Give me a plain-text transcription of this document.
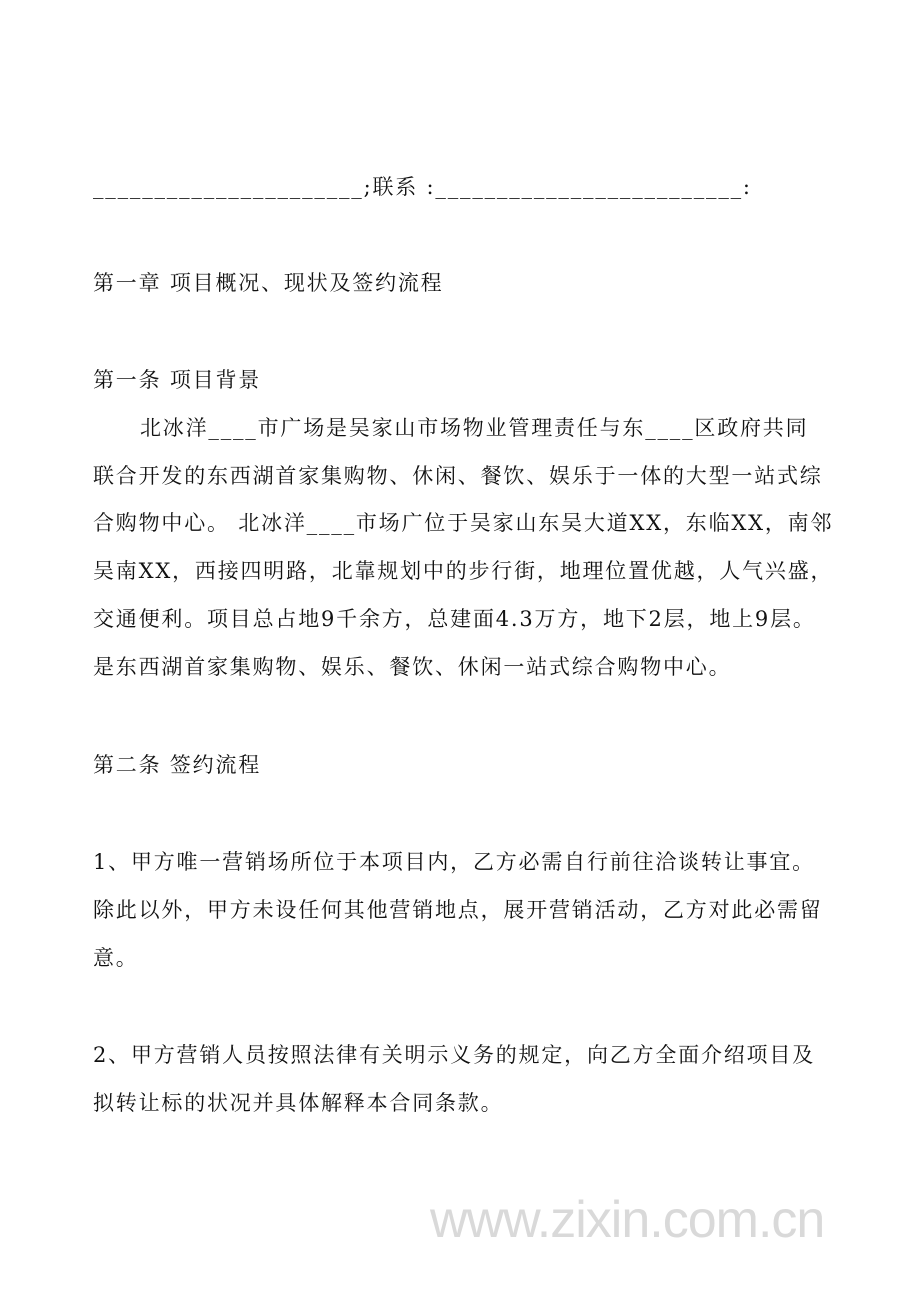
______________________;联系 :_________________________:
第一章 项目概况、现状及签约流程
第一条 项目背景
北冰洋____市广场是吴家山市场物业管理责任与东____区政府共同
联合开发的东西湖首家集购物、休闲、餐饮、娱乐于一体的大型一站式综
合购物中心。 北冰洋____市场广位于吴家山东吴大道XX，东临XX，南邻
吴南XX，西接四明路，北靠规划中的步行街，地理位置优越，人气兴盛，
交通便利。项目总占地9千余方，总建面4.3万方，地下2层，地上9层。
是东西湖首家集购物、娱乐、餐饮、休闲一站式综合购物中心。
第二条 签约流程
1、甲方唯一营销场所位于本项目内，乙方必需自行前往洽谈转让事宜。
除此以外，甲方未设任何其他营销地点，展开营销活动，乙方对此必需留
意。
2、甲方营销人员按照法律有关明示义务的规定，向乙方全面介绍项目及
拟转让标的状况并具体解释本合同条款。
www.zixin.com.cn
